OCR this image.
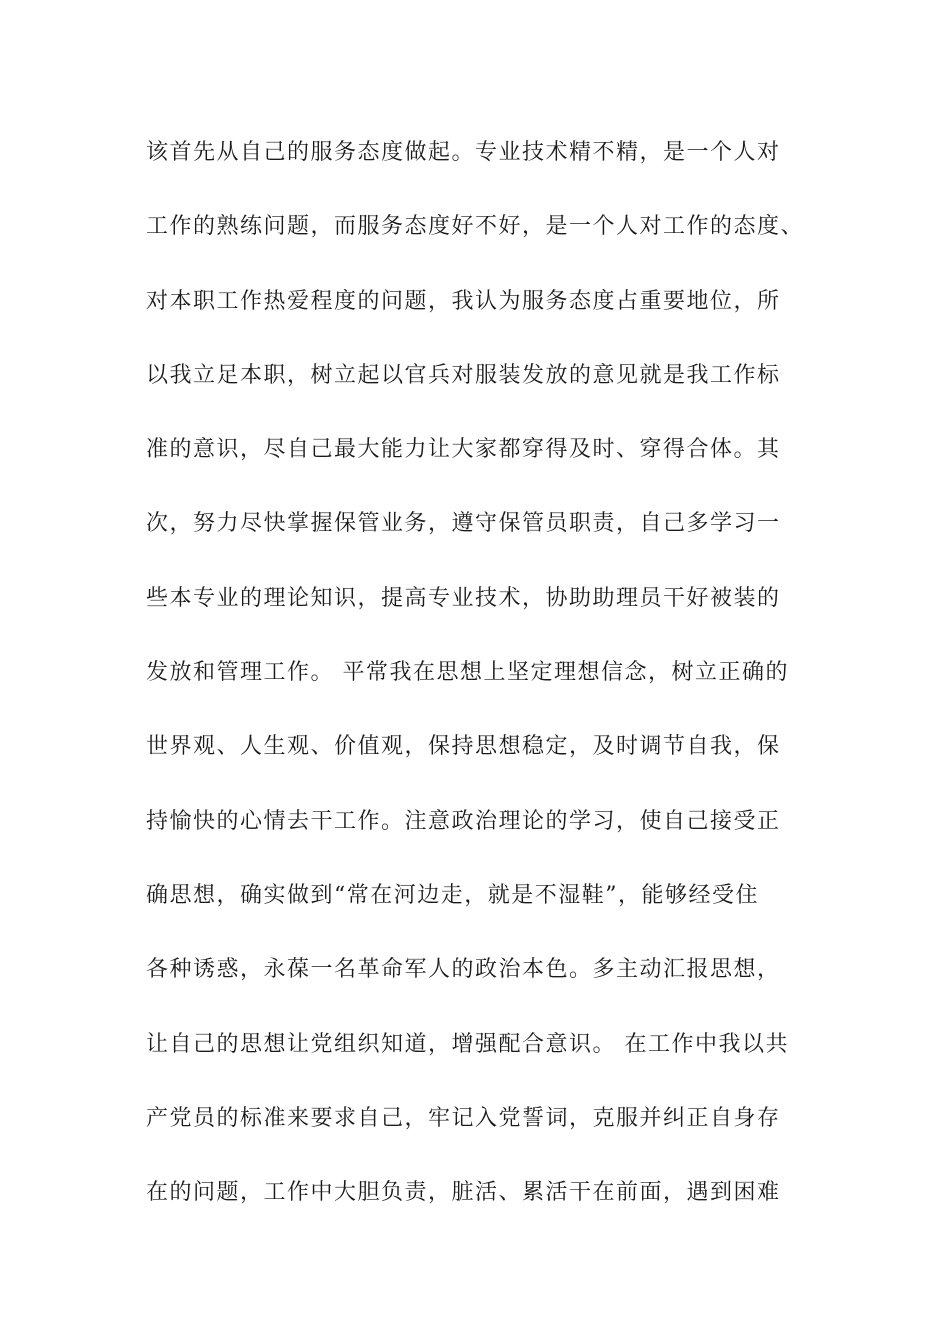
该首先从自己的服务态度做起。专业技术精不精，是一个人对
工作的熟练问题，而服务态度好不好，是一个人对工作的态度、
对本职工作热爱程度的问题，我认为服务态度占重要地位，所
以我立足本职，树立起以官兵对服装发放的意见就是我工作标
准的意识，尽自己最大能力让大家都穿得及时、穿得合体。其
次，努力尽快掌握保管业务，遵守保管员职责，自己多学习一
些本专业的理论知识，提高专业技术，协助助理员干好被装的
发放和管理工作。 平常我在思想上坚定理想信念，树立正确的
世界观、人生观、价值观，保持思想稳定，及时调节自我，保
持愉快的心情去干工作。注意政治理论的学习，使自己接受正
确思想，确实做到“常在河边走，就是不湿鞋”，能够经受住
各种诱惑，永葆一名革命军人的政治本色。多主动汇报思想，
让自己的思想让党组织知道，增强配合意识。 在工作中我以共
产党员的标准来要求自己，牢记入党誓词，克服并纠正自身存
在的问题，工作中大胆负责，脏活、累活干在前面，遇到困难
